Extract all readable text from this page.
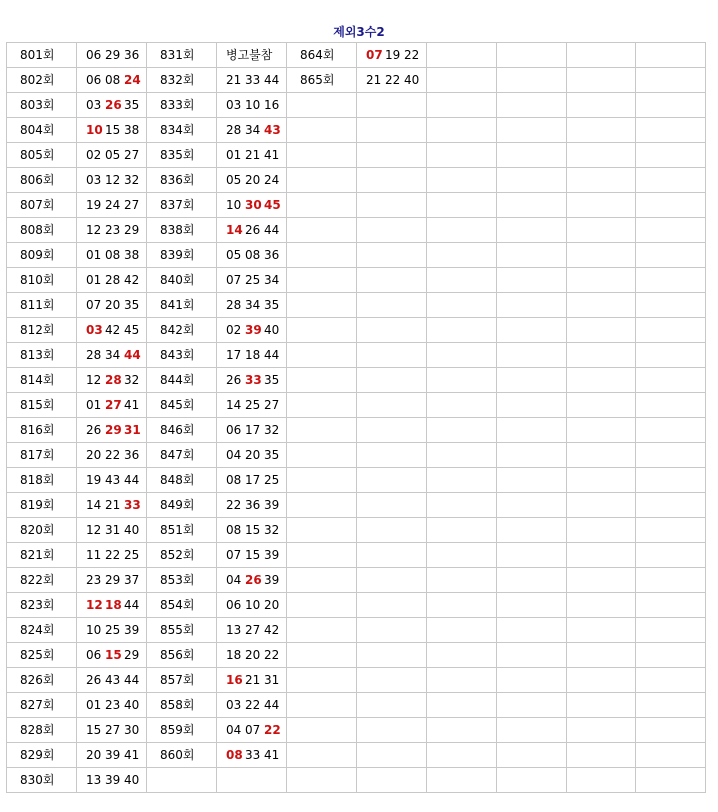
제외3수2
801회	06 29 36	831회	병고불참	864회	07 19 22				
802회	06 08 24	832회	21 33 44	865회	21 22 40				
803회	03 26 35	833회	03 10 16						
804회	10 15 38	834회	28 34 43						
805회	02 05 27	835회	01 21 41						
806회	03 12 32	836회	05 20 24						
807회	19 24 27	837회	10 30 45						
808회	12 23 29	838회	14 26 44						
809회	01 08 38	839회	05 08 36						
810회	01 28 42	840회	07 25 34						
811회	07 20 35	841회	28 34 35						
812회	03 42 45	842회	02 39 40						
813회	28 34 44	843회	17 18 44						
814회	12 28 32	844회	26 33 35						
815회	01 27 41	845회	14 25 27						
816회	26 29 31	846회	06 17 32						
817회	20 22 36	847회	04 20 35						
818회	19 43 44	848회	08 17 25						
819회	14 21 33	849회	22 36 39						
820회	12 31 40	851회	08 15 32						
821회	11 22 25	852회	07 15 39						
822회	23 29 37	853회	04 26 39						
823회	12 18 44	854회	06 10 20						
824회	10 25 39	855회	13 27 42						
825회	06 15 29	856회	18 20 22						
826회	26 43 44	857회	16 21 31						
827회	01 23 40	858회	03 22 44						
828회	15 27 30	859회	04 07 22						
829회	20 39 41	860회	08 33 41						
830회	13 39 40								
